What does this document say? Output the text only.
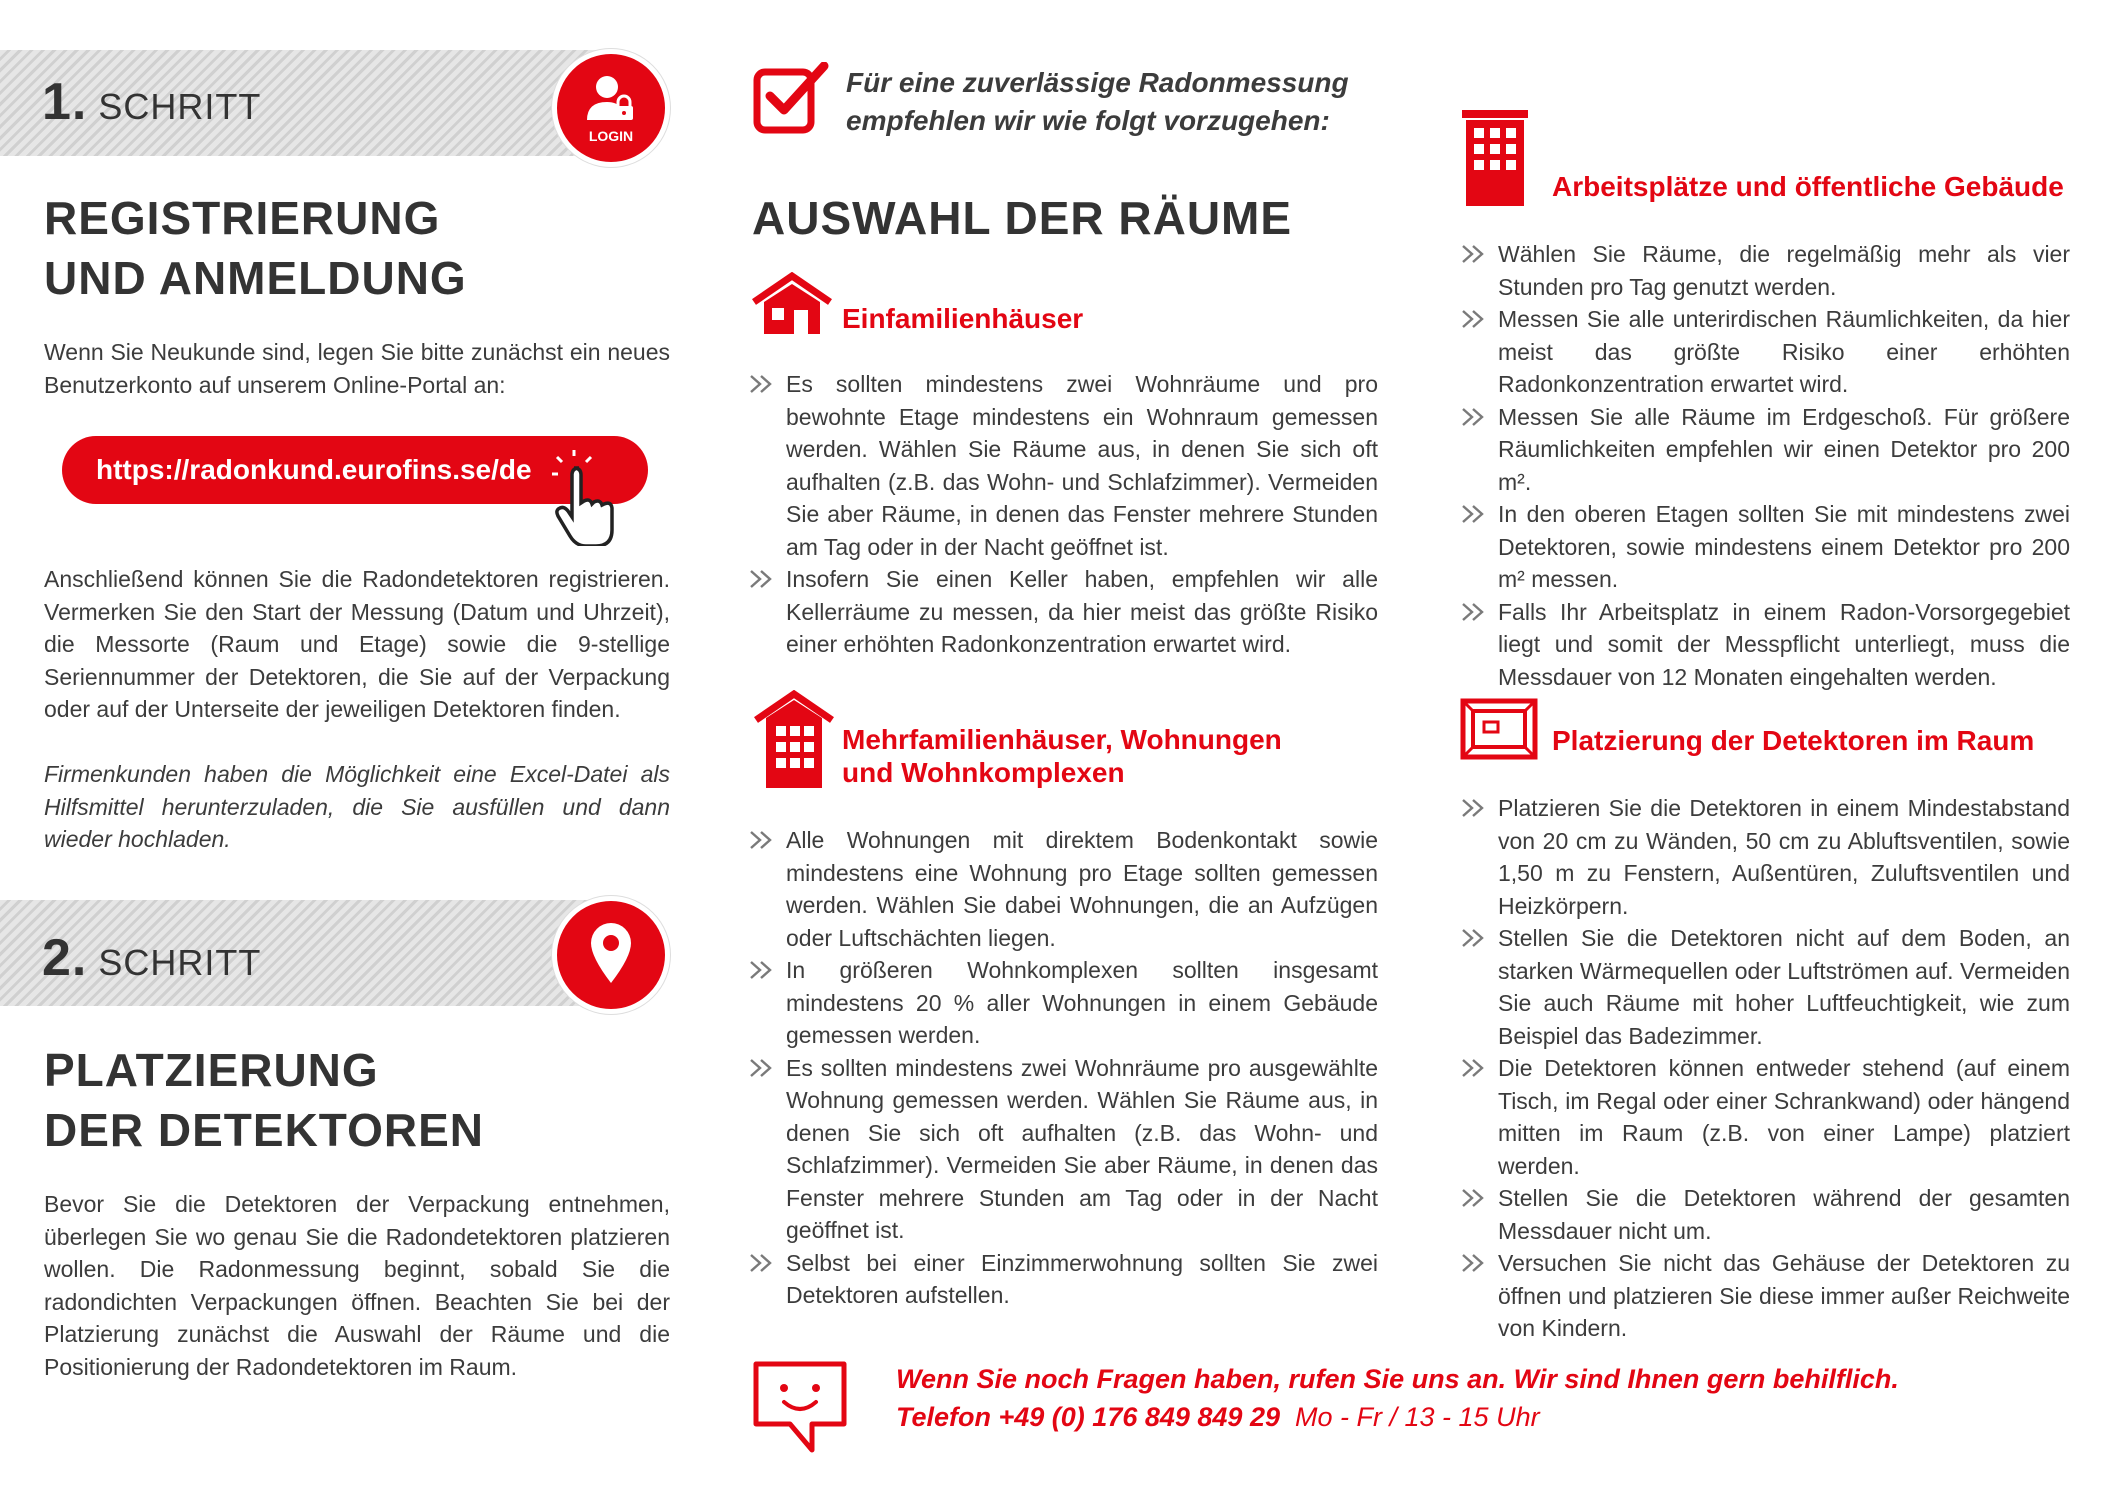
1. SCHRITT
LOGIN
REGISTRIERUNG
UND ANMELDUNG
Wenn Sie Neukunde sind, legen Sie bitte zunächst ein neues Benutzerkonto auf unserem Online-Portal an:
https://radonkund.eurofins.se/de
Anschließend können Sie die Radondetektoren registrieren. Vermerken Sie den Start der Messung (Datum und Uhrzeit), die Messorte (Raum und Etage) sowie die 9-stellige Seriennummer der Detektoren, die Sie auf der Verpackung oder auf der Unterseite der jeweiligen Detektoren finden.
Firmenkunden haben die Möglichkeit eine Excel-Datei als Hilfsmittel herunterzuladen, die Sie ausfüllen und dann wieder hochladen.
2. SCHRITT
PLATZIERUNG
DER DETEKTOREN
Bevor Sie die Detektoren der Verpackung entnehmen, überlegen Sie wo genau Sie die Radondetektoren platzieren wollen. Die Radonmessung beginnt, sobald Sie die radondichten Verpackungen öffnen. Beachten Sie bei der Platzierung zunächst die Auswahl der Räume und die Positionierung der Radondetektoren im Raum.
Für eine zuverlässige Radonmessung
empfehlen wir wie folgt vorzugehen:
AUSWAHL DER RÄUME
Einfamilienhäuser

Es sollten mindestens zwei Wohnräume und pro bewohnte Etage mindestens ein Wohnraum gemessen werden. Wählen Sie Räume aus, in denen Sie sich oft aufhalten (z.B. das Wohn- und Schlafzimmer). Vermeiden Sie aber Räume, in denen das Fenster mehrere Stunden am Tag oder in der Nacht geöffnet ist.

Insofern Sie einen Keller haben, empfehlen wir alle Kellerräume zu messen, da hier meist das größte Risiko einer erhöhten Radonkonzentration erwartet wird.

Mehrfamilienhäuser, Wohnungen
und Wohnkomplexen

Alle Wohnungen mit direktem Bodenkontakt sowie mindestens eine Wohnung pro Etage sollten gemessen werden. Wählen Sie dabei Wohnungen, die an Aufzügen oder Luftschächten liegen.

In größeren Wohnkomplexen sollten insgesamt mindestens 20 % aller Wohnungen in einem Gebäude gemessen werden.

Es sollten mindestens zwei Wohnräume pro ausgewählte Wohnung gemessen werden. Wählen Sie Räume aus, in denen Sie sich oft aufhalten (z.B. das Wohn- und Schlafzimmer). Vermeiden Sie aber Räume, in denen das Fenster mehrere Stunden am Tag oder in der Nacht geöffnet ist.

Selbst bei einer Einzimmerwohnung sollten Sie zwei Detektoren aufstellen.

Arbeitsplätze und öffentliche Gebäude

Wählen Sie Räume, die regelmäßig mehr als vier Stunden pro Tag genutzt werden.

Messen Sie alle unterirdischen Räumlichkeiten, da hier meist das größte Risiko einer erhöhten Radonkonzentration erwartet wird.

Messen Sie alle Räume im Erdgeschoß. Für größere Räumlichkeiten empfehlen wir einen Detektor pro 200 m².

In den oberen Etagen sollten Sie mit mindestens zwei Detektoren, sowie mindestens einem Detektor pro 200 m² messen.

Falls Ihr Arbeitsplatz in einem Radon-Vorsorgegebiet liegt und somit der Messpflicht unterliegt, muss die Messdauer von 12 Monaten eingehalten werden.

Platzierung der Detektoren im Raum

Platzieren Sie die Detektoren in einem Mindestabstand von 20 cm zu Wänden, 50 cm zu Abluftsventilen, sowie 1,50 m zu Fenstern, Außentüren, Zuluftsventilen und Heizkörpern.

Stellen Sie die Detektoren nicht auf dem Boden, an starken Wärmequellen oder Luftströmen auf. Vermeiden Sie auch Räume mit hoher Luftfeuchtigkeit, wie zum Beispiel das Badezimmer.

Die Detektoren können entweder stehend (auf einem Tisch, im Regal oder einer Schrankwand) oder hängend mitten im Raum (z.B. von einer Lampe) platziert werden.

Stellen Sie die Detektoren während der gesamten Messdauer nicht um.

Versuchen Sie nicht das Gehäuse der Detektoren zu öffnen und platzieren Sie diese immer außer Reichweite von Kindern.

Wenn Sie noch Fragen haben, rufen Sie uns an. Wir sind Ihnen gern behilflich.
Telefon +49 (0) 176 849 849 29 Mo - Fr / 13 - 15 Uhr
